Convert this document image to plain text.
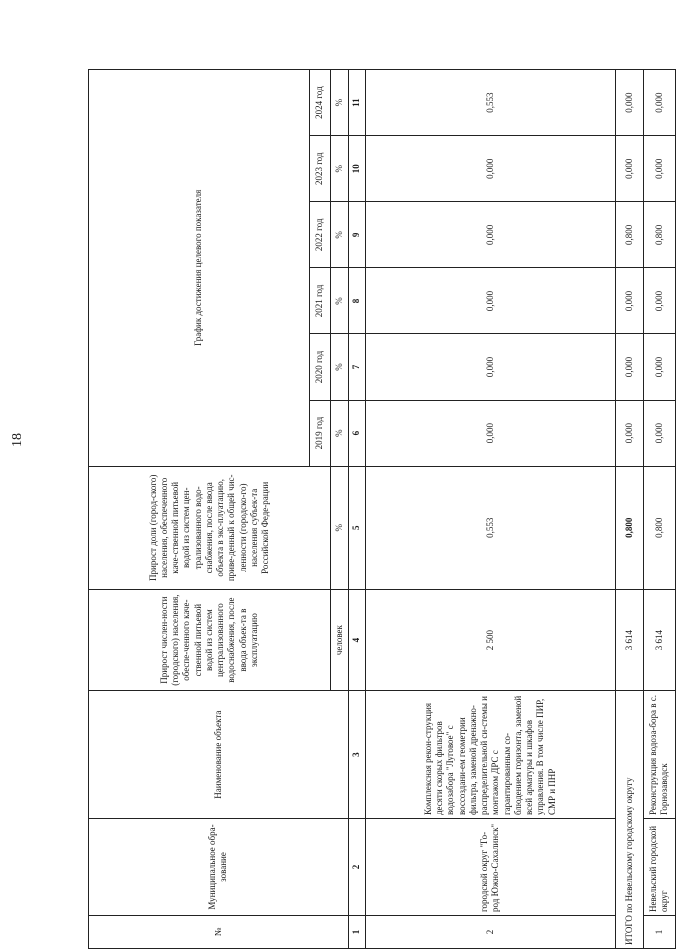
18
№	Муниципальное обра-зование	Наименование объекта	Прирост числен-ности (городского) населения, обеспе-ченного каче-ственной питьевой водой из систем централизованного водоснабжения, после ввода объек-та в эксплуатацию	Прирост доли (город-ского) населения, обеспеченного каче-ственной питьевой водой из систем цен-трализованного водо-снабжения, после ввода объекта в экс-плуатацию, приве-денный к общей чис-ленности (городско-го) населения субъек-та Российской Феде-рации	График достижения целевого показателя					
					2019 год	2020 год	2021 год	2022 год	2023 год	2024 год
			человек	%	%	%	%	%	%	%
1	2	3	4	5	6	7	8	9	10	11
2	городской округ "Го-род Южно-Сахалинск"	Комплексная рекон-струкция десяти скорых фильтров водозабора "Луговое" с воссоздани-ем геометрии фильтра, заменой дренажно-распределительной си-стемы и монтажом ДРС с гарантированным со-блюдением горизонта, заменой всей арматуры и шкафов управления. В том числе ПИР, СМР и ПНР	2 500	0,553	0,000	0,000	0,000	0,000	0,000	0,553
ИТОГО по Невельскому городскому округу			3 614	0,800	0,000	0,000	0,000	0,800	0,000	0,000
1	Невельский городской округ	Реконструкция водоза-бора в с. Горнозаводск	3 614	0,800	0,000	0,000	0,000	0,800	0,000	0,000
